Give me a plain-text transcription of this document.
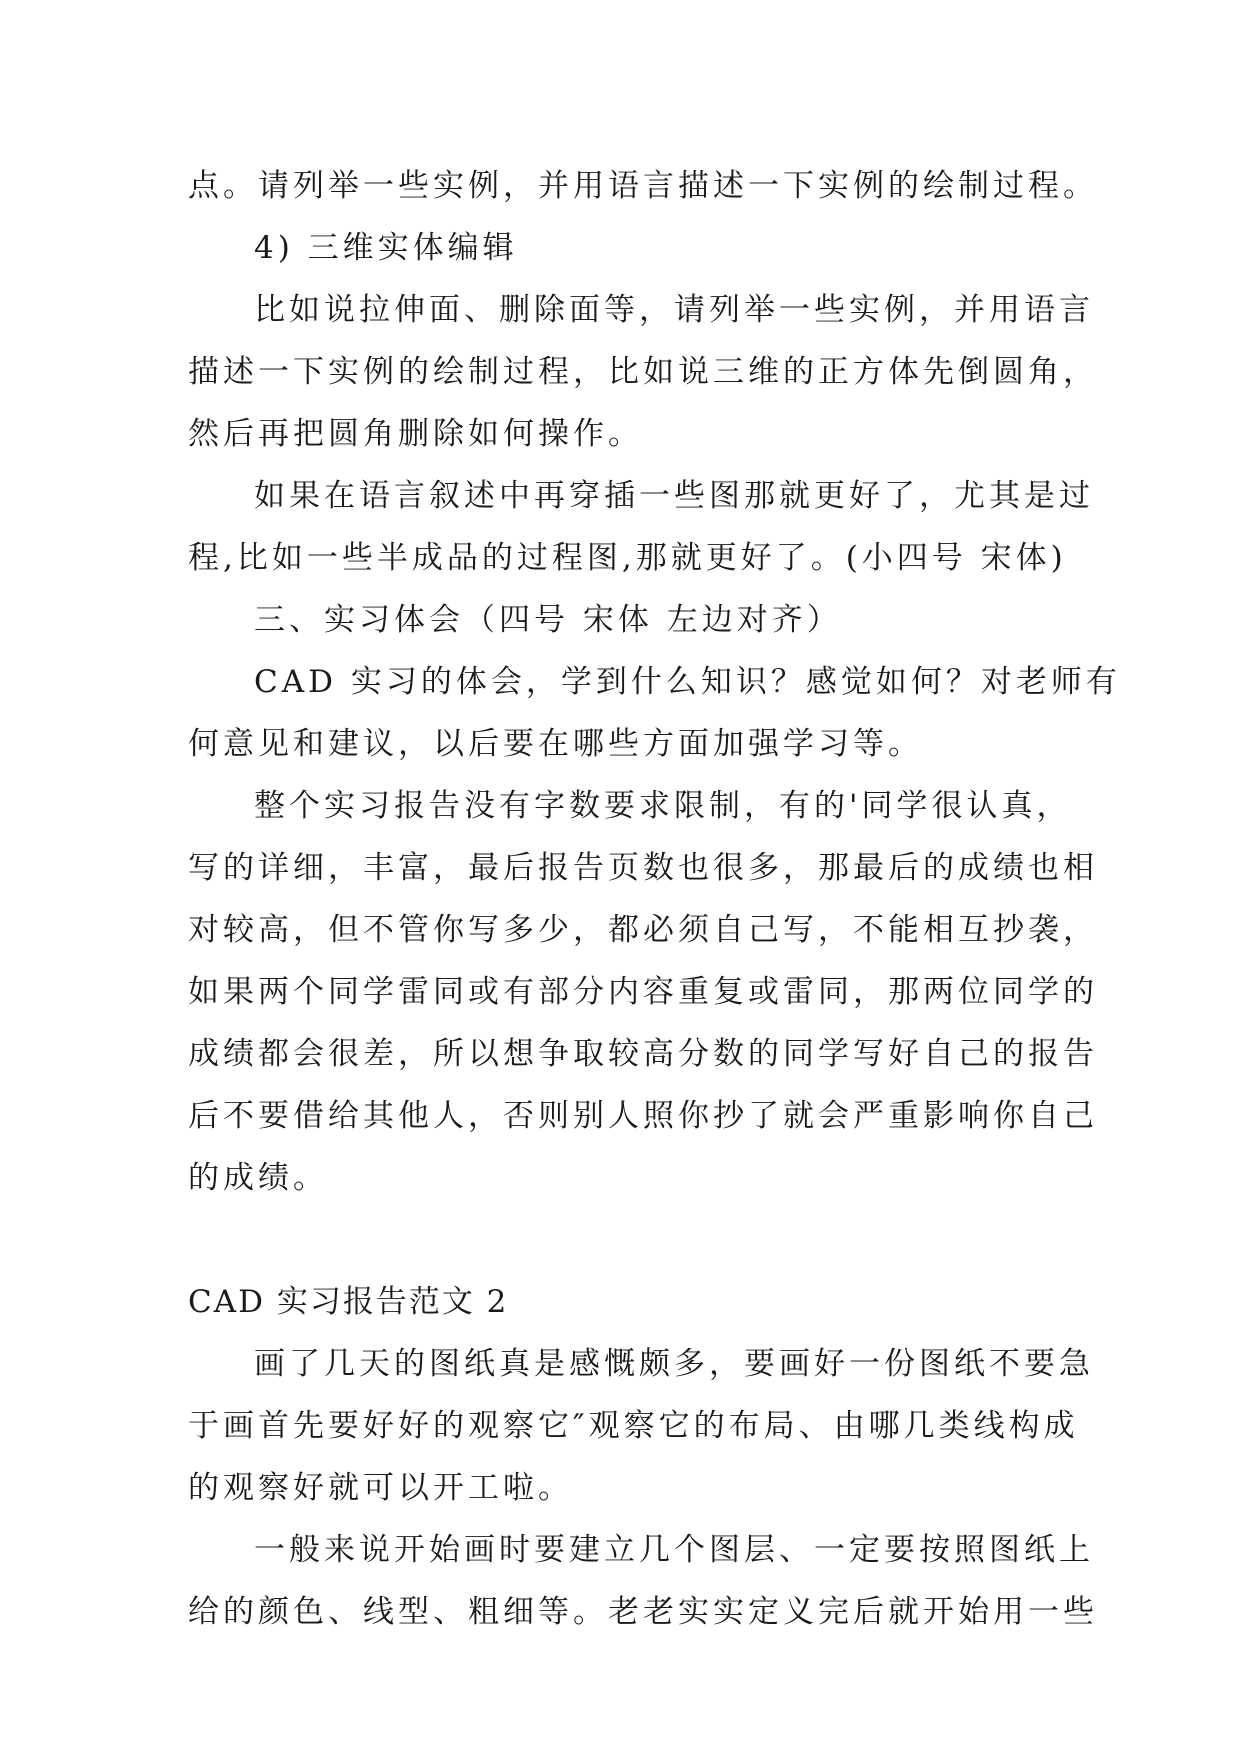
点。请列举一些实例，并用语言描述一下实例的绘制过程。
4) 三维实体编辑
比如说拉伸面、删除面等，请列举一些实例，并用语言
描述一下实例的绘制过程，比如说三维的正方体先倒圆角，
然后再把圆角删除如何操作。
如果在语言叙述中再穿插一些图那就更好了，尤其是过
程,比如一些半成品的过程图,那就更好了。(小四号 宋体)
三、实习体会（四号 宋体 左边对齐）
CAD 实习的体会，学到什么知识？感觉如何？对老师有
何意见和建议，以后要在哪些方面加强学习等。
整个实习报告没有字数要求限制，有的'同学很认真，
写的详细，丰富，最后报告页数也很多，那最后的成绩也相
对较高，但不管你写多少，都必须自己写，不能相互抄袭，
如果两个同学雷同或有部分内容重复或雷同，那两位同学的
成绩都会很差，所以想争取较高分数的同学写好自己的报告
后不要借给其他人，否则别人照你抄了就会严重影响你自己
的成绩。
CAD 实习报告范文 2
画了几天的图纸真是感慨颇多，要画好一份图纸不要急
于画首先要好好的观察它″观察它的布局、由哪几类线构成
的观察好就可以开工啦。
一般来说开始画时要建立几个图层、一定要按照图纸上
给的颜色、线型、粗细等。老老实实定义完后就开始用一些
